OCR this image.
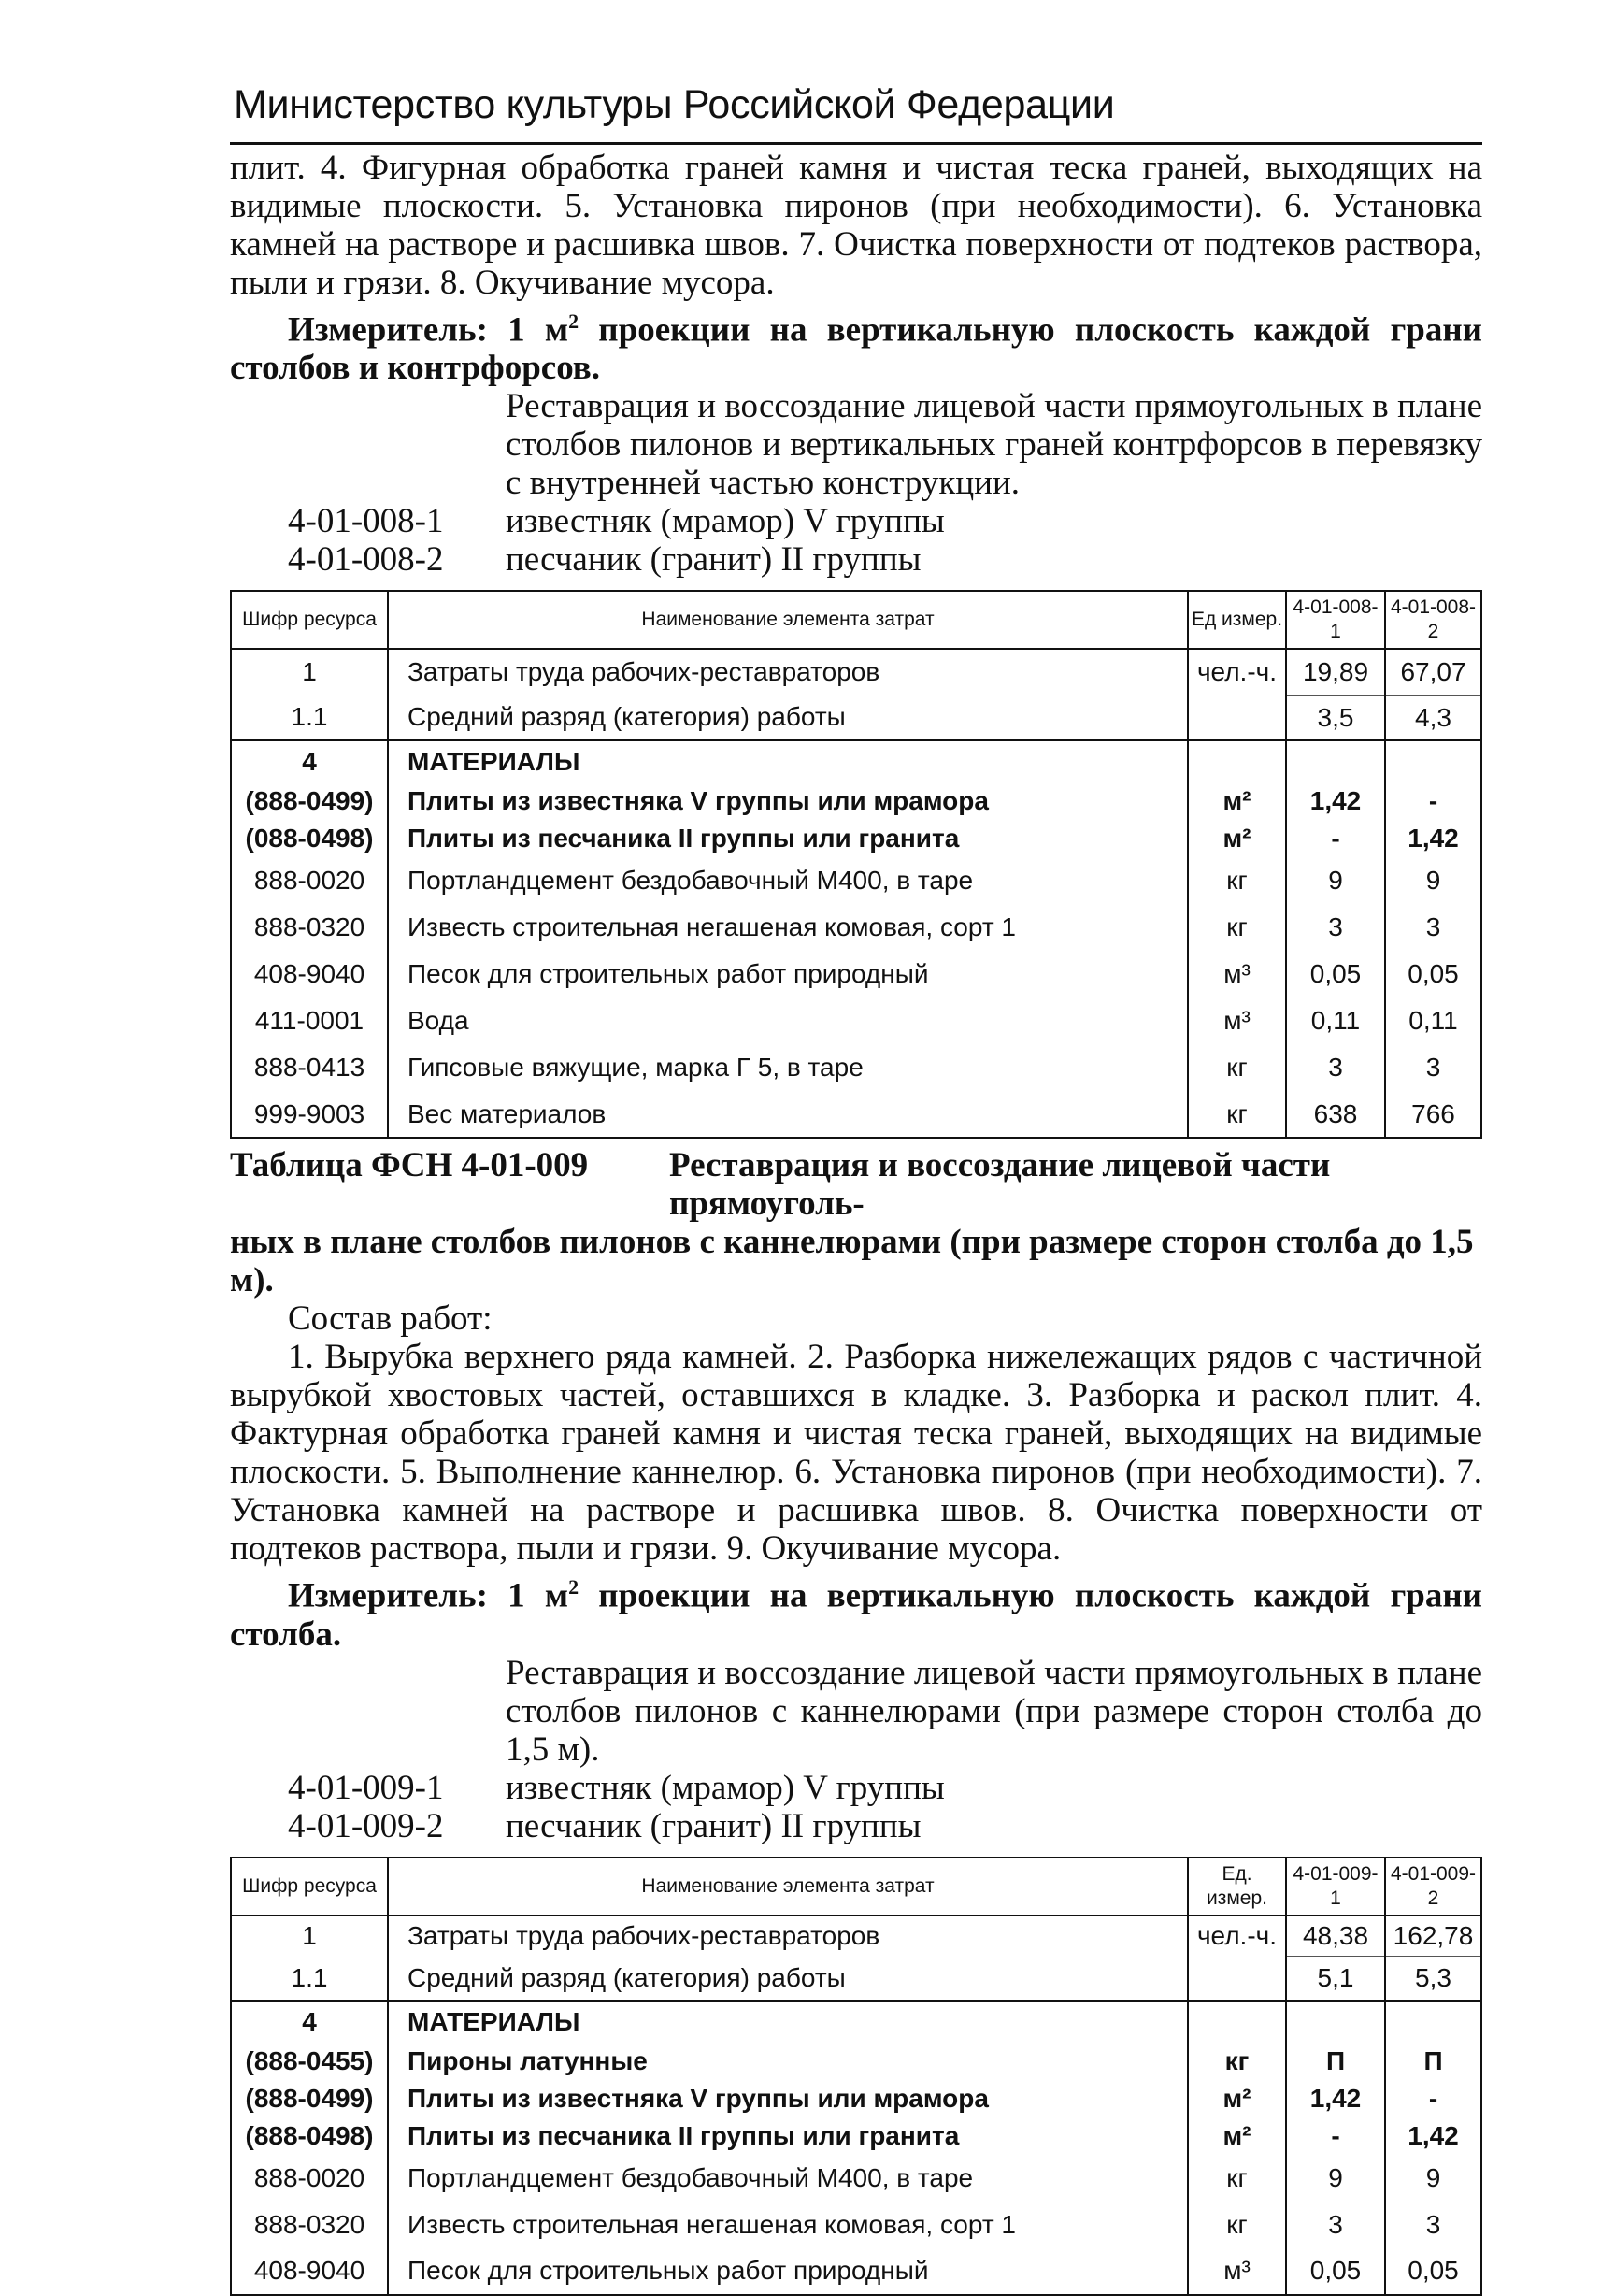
Министерство культуры Российской Федерации

плит. 4. Фигурная обработка граней камня и чистая теска граней, выходящих на видимые плоскости. 5. Установка пиронов (при необходимости). 6. Установка камней на растворе и расшивка швов. 7. Очистка поверхности от подтеков раствора, пыли и грязи. 8. Окучивание мусора.

Измеритель: 1 $м^2$ проекции на вертикальную плоскость каждой грани столбов и контрфорсов.

Реставрация и воссоздание лицевой части прямоугольных в плане столбов пилонов и вертикальных граней контрфорсов в перевязку с внутренней частью конструкции.

4-01-008-1	известняк (мрамор) V группы
4-01-008-2	песчаник (гранит) II группы
Шифр ресурса	Наименование элемента затрат	Ед измер.	4-01-008-1	4-01-008-2
1	Затраты труда рабочих-реставраторов	чел.-ч.	19,89	67,07
1.1	Средний разряд (категория) работы		3,5	4,3
4	МАТЕРИАЛЫ			
(888-0499)	Плиты из известняка V группы или мрамора	м²	1,42	-
(088-0498)	Плиты из песчаника II группы или гранита	м²	-	1,42
888-0020	Портландцемент бездобавочный М400, в таре	кг	9	9
888-0320	Известь строительная негашеная комовая, сорт 1	кг	3	3
408-9040	Песок для строительных работ природный	м³	0,05	0,05
411-0001	Вода	м³	0,11	0,11
888-0413	Гипсовые вяжущие, марка Г 5, в таре	кг	3	3
999-9003	Вес материалов	кг	638	766
Таблица ФСН 4-01-009	Реставрация и воссоздание лицевой части прямоуголь-
ных в плане столбов пилонов с каннелюрами (при размере сторон столба до 1,5 м).
Состав работ:

1. Вырубка верхнего ряда камней. 2. Разборка нижележащих рядов с частичной вырубкой хвостовых частей, оставшихся в кладке. 3. Разборка и раскол плит. 4. Фактурная обработка граней камня и чистая теска граней, выходящих на видимые плоскости. 5. Выполнение каннелюр. 6. Установка пиронов (при необходимости). 7. Установка камней на растворе и расшивка швов. 8. Очистка поверхности от подтеков раствора, пыли и грязи. 9. Окучивание мусора.

Измеритель: 1 $м^2$ проекции на вертикальную плоскость каждой грани столба.

Реставрация и воссоздание лицевой части прямоугольных в плане столбов пилонов с каннелюрами (при размере сторон столба до 1,5 м).

4-01-009-1	известняк (мрамор) V группы
4-01-009-2	песчаник (гранит) II группы
Шифр ресурса	Наименование элемента затрат	Ед. измер.	4-01-009-1	4-01-009-2
1	Затраты труда рабочих-реставраторов	чел.-ч.	48,38	162,78
1.1	Средний разряд (категория) работы		5,1	5,3
4	МАТЕРИАЛЫ			
(888-0455)	Пироны латунные	кг	П	П
(888-0499)	Плиты из известняка V группы или мрамора	м²	1,42	-
(888-0498)	Плиты из песчаника II группы или гранита	м²	-	1,42
888-0020	Портландцемент бездобавочный М400, в таре	кг	9	9
888-0320	Известь строительная негашеная комовая, сорт 1	кг	3	3
408-9040	Песок для строительных работ природный	м³	0,05	0,05
